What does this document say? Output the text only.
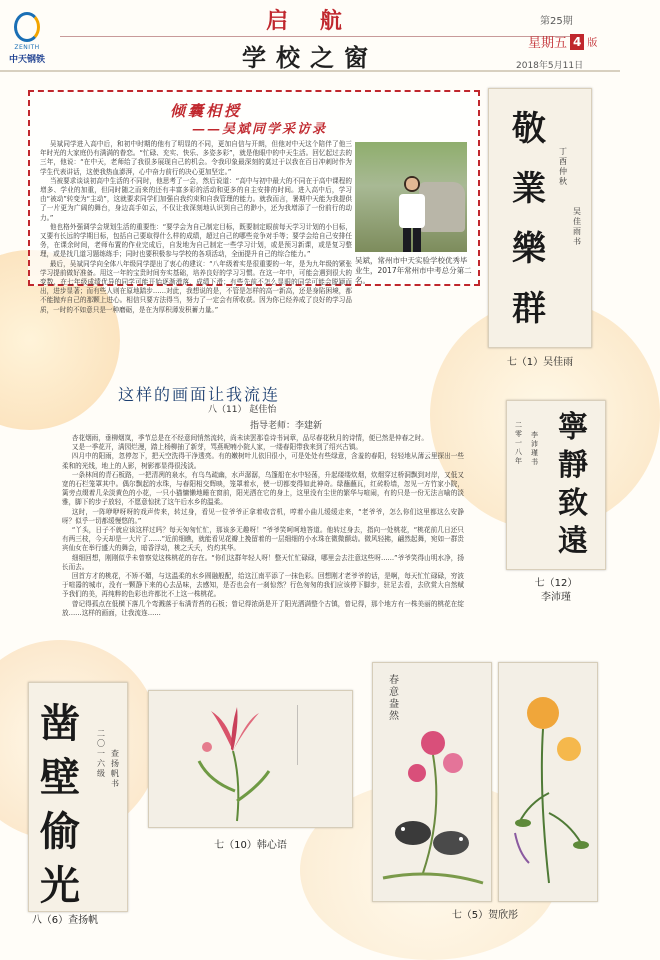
ZENITH
中天钢铁
启 航
学校之窗
第25期
星期五 4 版
2018年5月11日
倾囊相授
——吴斌同学采访录

吴斌同学进入高中后，和初中时期的他有了明显的不同，更加自信与开朗，但他对中天这个陪伴了他三年时光的大家庭仍有满满的眷恋。“忙碌、充实、快乐、多姿多彩”，就是他眼中的中天生活。回忆起过去的三年，他说：“在中天，老师给了我很多展现自己的机会。令我印象最深刻的莫过于以我在百日冲刺时作为学生代表讲话，这使我热血澎湃，心中奋力前行的决心更加坚定。”

当被要求谈谈初高中生活的不同时，他思考了一会，然后说道：“高中与初中最大的不同在于高中课程的增多、学业的加重，但同时随之而来的还有丰富多彩的活动和更多的自主安排的时间。进入高中后，学习由“被动”转变为“主动”，这就要求同学们加强自我约束和自我管理的能力。就我而言，暑期中天能为我提供了一片更为广阔的舞台，身边高手如云，不仅让我深刻地认识到自己的渺小，还为我增添了一份前行的动力。”

他也格外强调学会规划生活的重要性：“要学会为自己制定目标，既要制定眼前每天学习计划的小目标，又要有长远的学期目标，包括自己要取得什么样的成绩，超过自己的哪些竞争对手等；要学会给自己安排任务，在课余时间，老师布置的作业完成后，自发地为自己制定一些学习计划，或是预习新课，或是复习整理，或是找几道习题练练手；同时也要积极参与学校的各项活动，全面提升自己的综合能力。”

最后，吴斌同学向全体八年级同学提出了衷心的建议：“八年级着实是很重要的一年，是为九年级的紧张学习提前做好准备。用这一年的宝贵时间夯实基础，培养良好的学习习惯。在这一年中，可能会遇到很大的变数，在七年级成绩优异的同学可能开始逐渐滑落，成绩下滑；有些先前不怎么显眼的同学可能会脱颖而出，进步显著；而有些人则在原地踏步……对此，我想说的是，不管是怎样的高一新高，还是身陷困境，都不能抛弃自己的那颗上进心。相信只要方法得当，努力了一定会有所收获。因为你已经养成了良好的学习品质，一时的不如意只是一种磨砺，是在为厚积薄发积蓄力量。”

吴斌，常州市中天实验学校优秀毕业生，2017年常州市中考总分第二名。
敬業樂群
丁酉仲秋
吴佳雨书
七（1）吴佳雨
寧靜致遠
二零一八年
李沛瑾书
七（12）
李沛瑾
这样的画面让我流连
八（11） 赵佳怡
指导老师：李建新

杏花烟雨，垂柳烟岚，季节总是在不经意间悄然流转，尚未读罢那卷诗书词章，品尽春花秋月的诗情，便已然是仲春之时。

又是一季花开，满园烂漫，踏上杨柳抽了新芽，骂燕呢喃小院人家，一缕春阳带我来到了绍兴古镇。

四月中的阳雨，忽停忽下，把天空洗得干净透亮。有的嫩树叶儿依旧很小，可是处处有些绿意，含羞的春阳，轻轻地从薄云里探出一些柔和的光线，地上的人影，树影都显得很浅淡。

一条林间的青石板路，一把清冽的泉水，有乌鸟疏幽，水声潺潺，乌篷船在水中轻荡，升起缕缕炊烟，炊烟穿过桥洞飘到对岸，又低又宽的石栏笼罩其中。偶尔飘起的水珠，与春阳相交辉映，笼罩着水，使一切都变得如此神奇。绿蘸蘸瓦，红砖粉墙，忽见一方竹家小院，篱旁点缀着几朵淡黄色的小花，一只小猫慵懒地睡在窗前，阳光洒在它的身上，这里没有尘世的繁华与喧闹，有的只是一份无法言喻的淡雅，脚下的步子放轻，不愿意惊扰了这午后水乡的温柔。

这时，一阵咿咿呀呀的戏声传来，转过身，看见一位爷爷正拿着收音机，哼着小曲儿缓缓走来，“老爷爷，怎么你们这里都这么安静呀？似乎一切都缓慢悠的。”

“丫头，日子不就应该这样过吗？每天匆匆忙忙，那该多无趣呀！”爷爷笑呵呵地答道。他转过身去，指向一处桃花，“桃花前几日还只有两三枝，今天却是一大片了……”近前细瞧，就能看见花瓣上挽留着的一层细细的小水珠在微微颤动。微风轻拂，翩然起舞，宛如一群贵宾仙女在举行盛大的舞会，暗香浮动，桃之夭夭，灼灼其华。

细细回想，刚刚似乎未曾察觉这株桃花的存在。“你们这群年轻人呀！整天忙忙碌碌，哪里会去注意这些呀……”爷爷笑得山明水净，扬长而去。

回首方才的桃花，不矫不媚，与这温柔的水乡圆融般配，给这江南平添了一抹色彩。回想刚才老爷爷的话，是啊，每天忙忙碌碌，穷波于喧嚣的城市，没有一颗静下来的心去品味，去感知，是否也会有一刹惊然？行色匆匆的我们应该停下脚步，驻足去看，去欣赏大自然赋予我们的美，再纯粹的色彩也许都比不上这一株桃花。

曾记得孤点在低横下落几个弯溅落于布满青苔的石板；曾记得浓荫是开了阳光洒满整个古镇，曾记得，那个地方有一株美丽的桃花在绽放……这样的画面，让我流连……

凿壁偷光
二〇一六级
查扬帆书
八（6）查扬帆
七（10）韩心语
春意盎然
七（5）贺欣彤
